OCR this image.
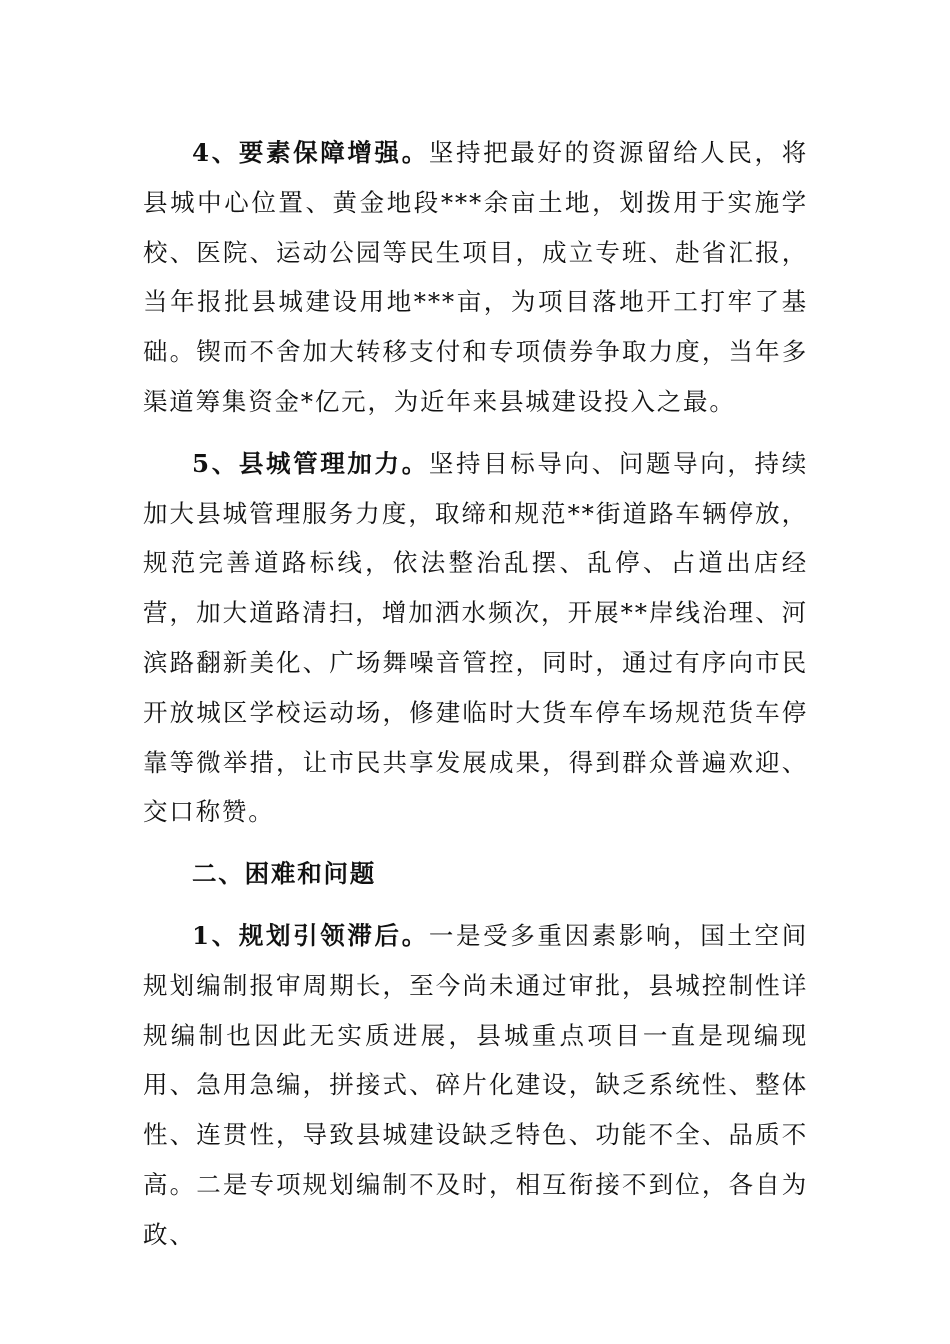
4、要素保障增强。坚持把最好的资源留给人民，将县城中心位置、黄金地段***余亩土地，划拨用于实施学校、医院、运动公园等民生项目，成立专班、赴省汇报，当年报批县城建设用地***亩，为项目落地开工打牢了基础。锲而不舍加大转移支付和专项债券争取力度，当年多渠道筹集资金*亿元，为近年来县城建设投入之最。

5、县城管理加力。坚持目标导向、问题导向，持续加大县城管理服务力度，取缔和规范**街道路车辆停放，规范完善道路标线，依法整治乱摆、乱停、占道出店经营，加大道路清扫，增加洒水频次，开展**岸线治理、河滨路翻新美化、广场舞噪音管控，同时，通过有序向市民开放城区学校运动场，修建临时大货车停车场规范货车停靠等微举措，让市民共享发展成果，得到群众普遍欢迎、交口称赞。

二、困难和问题

1、规划引领滞后。一是受多重因素影响，国土空间规划编制报审周期长，至今尚未通过审批，县城控制性详规编制也因此无实质进展，县城重点项目一直是现编现用、急用急编，拼接式、碎片化建设，缺乏系统性、整体性、连贯性，导致县城建设缺乏特色、功能不全、品质不高。二是专项规划编制不及时，相互衔接不到位，各自为政、
